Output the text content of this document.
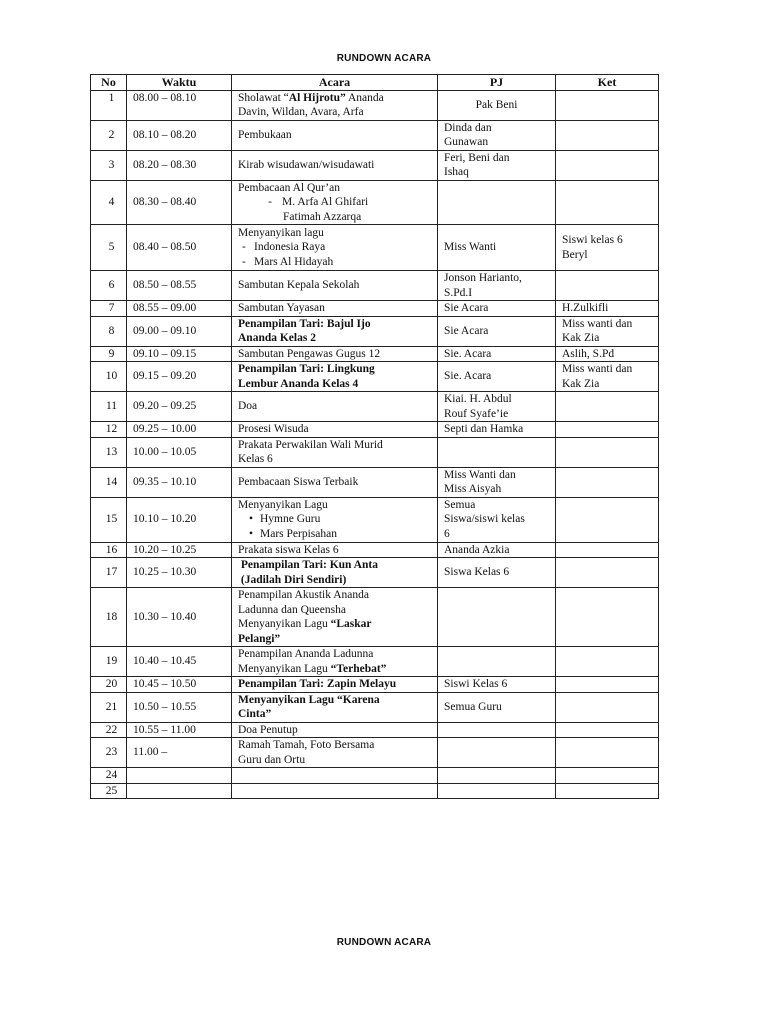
RUNDOWN ACARA
No	Waktu	Acara	PJ	Ket
1	08.00 – 08.10	Sholawat “Al Hijrotu” Ananda
Davin, Wildan, Avara, Arfa	Pak Beni	
2	08.10 – 08.20	Pembukaan	Dinda dan
Gunawan	

3	08.20 – 08.30	Kirab wisudawan/wisudawati	Feri, Beni dan
Ishaq	

4	08.30 – 08.40	Pembacaan Al Qur’an
- M. Arfa Al Ghifari
Fatimah Azzarqa

5	08.40 – 08.50	Menyanyikan lagu
- Indonesia Raya
- Mars Al Hidayah	Miss Wanti	Siswi kelas 6
Beryl

6	08.50 – 08.55	Sambutan Kepala Sekolah	Jonson Harianto,
S.Pd.I	

7	08.55 – 09.00	Sambutan Yayasan	Sie Acara	H.Zulkifli
8	09.00 – 09.10	Penampilan Tari: Bajul Ijo
Ananda Kelas 2	Sie Acara	Miss wanti dan
Kak Zia

9	09.10 – 09.15	Sambutan Pengawas Gugus 12	Sie. Acara	Aslih, S.Pd
10	09.15 – 09.20	Penampilan Tari: Lingkung
Lembur Ananda Kelas 4	Sie. Acara	Miss wanti dan
Kak Zia

11	09.20 – 09.25	Doa	Kiai. H. Abdul
Rouf Syafe’ie	

12	09.25 – 10.00	Prosesi Wisuda	Septi dan Hamka	
13	10.00 – 10.05	Prakata Perwakilan Wali Murid
Kelas 6		

14	09.35 – 10.10	Pembacaan Siswa Terbaik	Miss Wanti dan
Miss Aisyah	

15	10.10 – 10.20	Menyanyikan Lagu
• Hymne Guru
• Mars Perpisahan	Semua
Siswa/siswi kelas
6	

16	10.20 – 10.25	Prakata siswa Kelas 6	Ananda Azkia	
17	10.25 – 10.30	Penampilan Tari: Kun Anta
(Jadilah Diri Sendiri)	Siswa Kelas 6	
18	10.30 – 10.40	Penampilan Akustik Ananda
Ladunna dan Queensha
Menyanyikan Lagu “Laskar
Pelangi”		

19	10.40 – 10.45	Penampilan Ananda Ladunna
Menyanyikan Lagu “Terhebat”		

20	10.45 – 10.50	Penampilan Tari: Zapin Melayu	Siswi Kelas 6	
21	10.50 – 10.55	Menyanyikan Lagu “Karena
Cinta”	Semua Guru	
22	10.55 – 11.00	Doa Penutup		
23	11.00 –	Ramah Tamah, Foto Bersama
Guru dan Ortu		

24				
25				
RUNDOWN ACARA
